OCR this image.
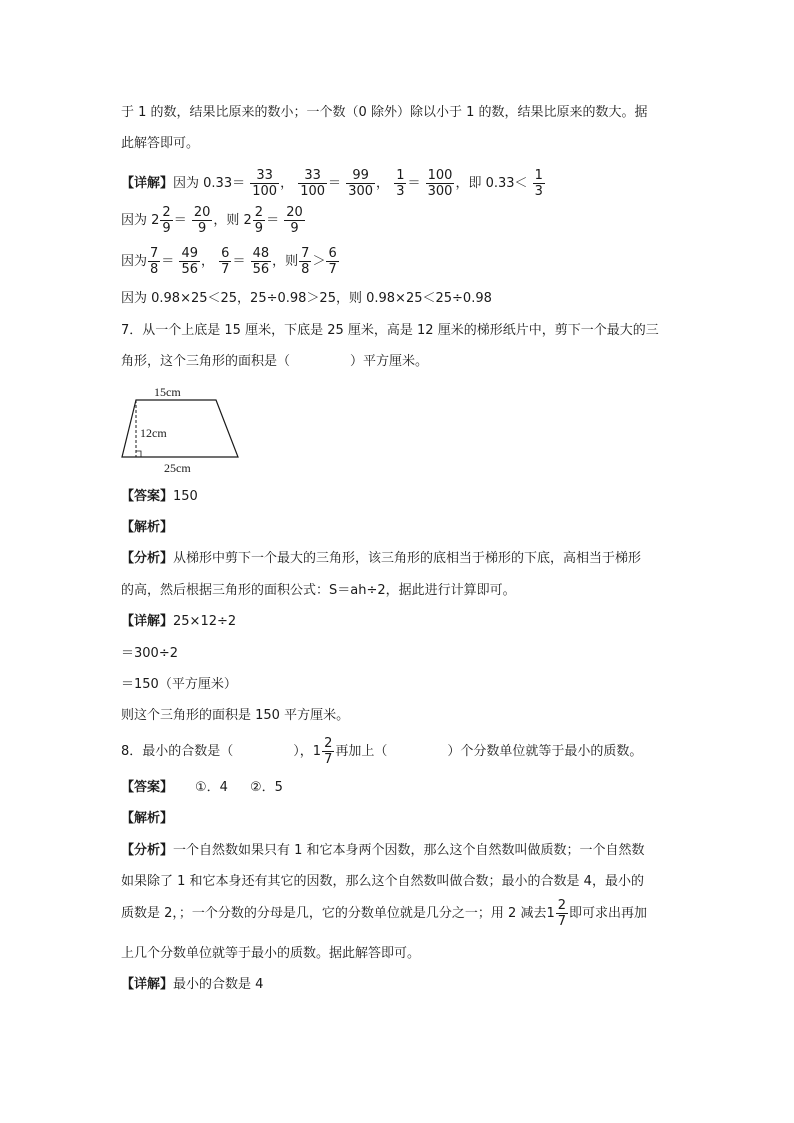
于 1 的数，结果比原来的数小；一个数（0 除外）除以小于 1 的数，结果比原来的数大。据
此解答即可。
【详解】因为 $0.33= \frac{33}{100}$ ， $\frac{33}{100} = \frac{99}{300}$ ， $\frac{1}{3} = \frac{100}{300}$ ，即 $0.33< \frac{1}{3}$
因为 $2 \frac{2}{9} = \frac{20}{9}$ ，则 $2 \frac{2}{9} = \frac{20}{9}$
因为 $\frac{7}{8} = \frac{49}{56}$ ， $\frac{6}{7} = \frac{48}{56}$ ，则 $\frac{7}{8} > \frac{6}{7}$
因为 0.98×25＜25，25÷0.98＞25，则 0.98×25＜25÷0.98
7．从一个上底是 15 厘米，下底是 25 厘米，高是 12 厘米的梯形纸片中，剪下一个最大的三
角形，这个三角形的面积是（	）平方厘米。
15cm
12cm
25cm
【答案】150
【解析】
【分析】从梯形中剪下一个最大的三角形，该三角形的底相当于梯形的下底，高相当于梯形
的高，然后根据三角形的面积公式：S＝ah÷2，据此进行计算即可。
【详解】25×12÷2
＝300÷2
＝150（平方厘米）
则这个三角形的面积是 150 平方厘米。
8．最小的合数是（	），$1 \frac{2}{7}$ 再加上（	）个分数单位就等于最小的质数。
【答案】 ①．4 ②．5
【解析】
【分析】一个自然数如果只有 1 和它本身两个因数，那么这个自然数叫做质数；一个自然数
如果除了 1 和它本身还有其它的因数，那么这个自然数叫做合数；最小的合数是 4，最小的
质数是 2，；一个分数的分母是几，它的分数单位就是几分之一；用 2 减去$1 \frac{2}{7}$ 即可求出再加
上几个分数单位就等于最小的质数。据此解答即可。
【详解】最小的合数是 4
